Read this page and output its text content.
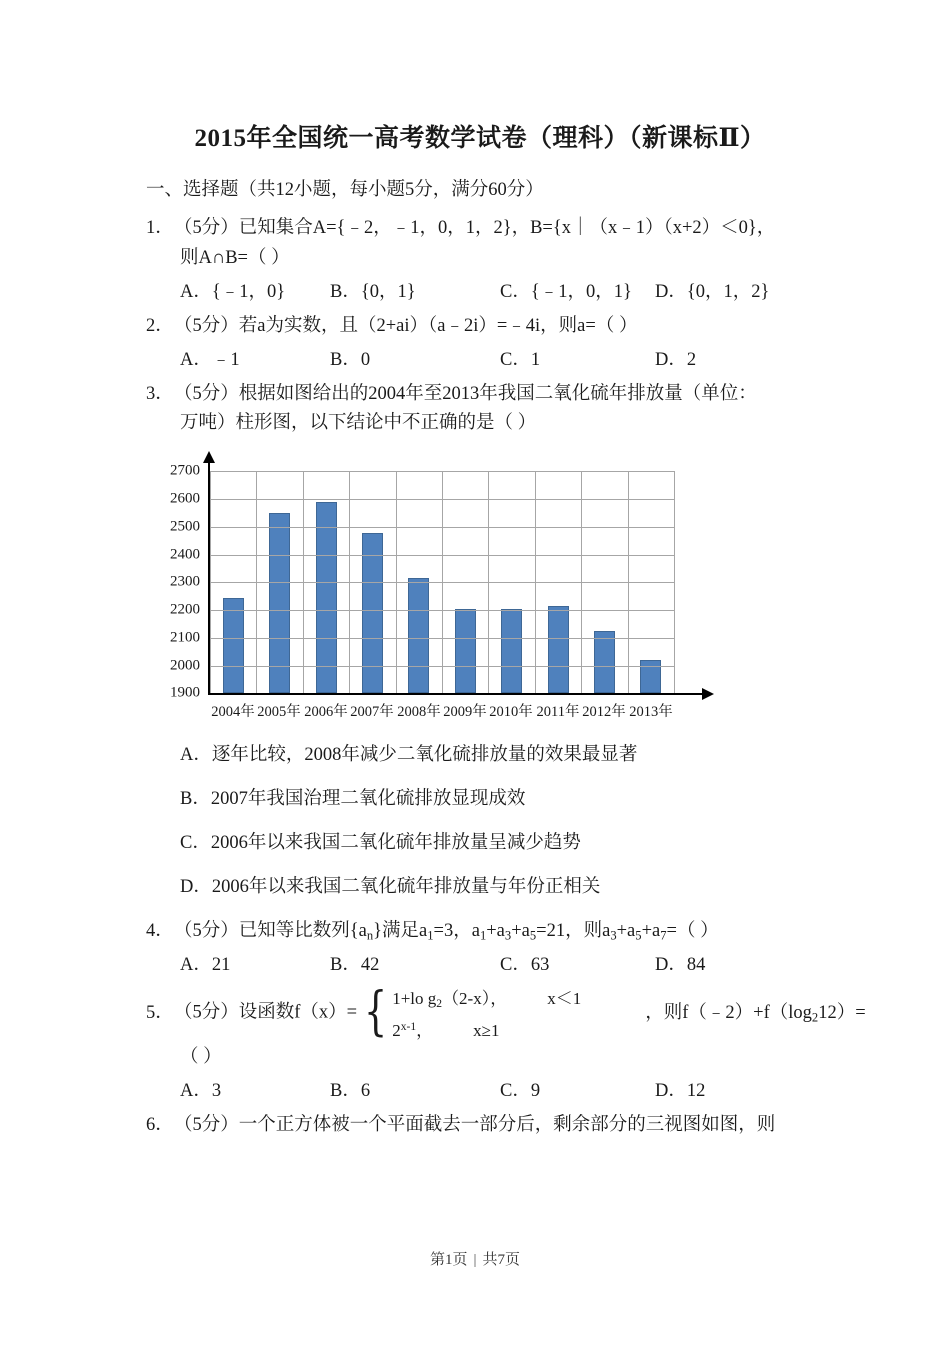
2015年全国统一高考数学试卷（理科）（新课标Ⅱ）
一、选择题（共12小题，每小题5分，满分60分）
1．（5分）已知集合A={﹣2，﹣1，0，1，2}，B={x｜（x﹣1）（x+2）＜0}，
则A∩B=（ ）
A．{﹣1，0} B．{0，1}	C．{﹣1，0，1} D．{0，1，2}
2．（5分）若a为实数，且（2+ai）（a﹣2i）=﹣4i，则a=（ ）
A．﹣1	B．0	C．1	D．2
3．（5分）根据如图给出的2004年至2013年我国二氧化硫年排放量（单位：
万吨）柱形图，以下结论中不正确的是（ ）
1900
2000
2100
2200
2300
2400
2500
2600
2700
2004年 2005年 2006年 2007年 2008年 2009年 2010年 2011年 2012年 2013年
A．逐年比较，2008年减少二氧化硫排放量的效果最显著
B．2007年我国治理二氧化硫排放显现成效
C．2006年以来我国二氧化硫年排放量呈减少趋势
D．2006年以来我国二氧化硫年排放量与年份正相关
4．（5分）已知等比数列$\{a_n\}$满足$a_1=3$，$a_1+a_3+a_5=21$，则$a_3+a_5+a_7=$（ ）
A．21	B．42	C．63	D．84
5．（5分）设函数f（x）= { 1+lo $g_2(2-x)$， x＜1
2$^{x-1}$， x≥1
，则$f(﹣2)+f(\log_212)=$
（ ）
A．3	B．6	C．9	D．12
6．（5分）一个正方体被一个平面截去一部分后，剩余部分的三视图如图，则
第1页 | 共7页
